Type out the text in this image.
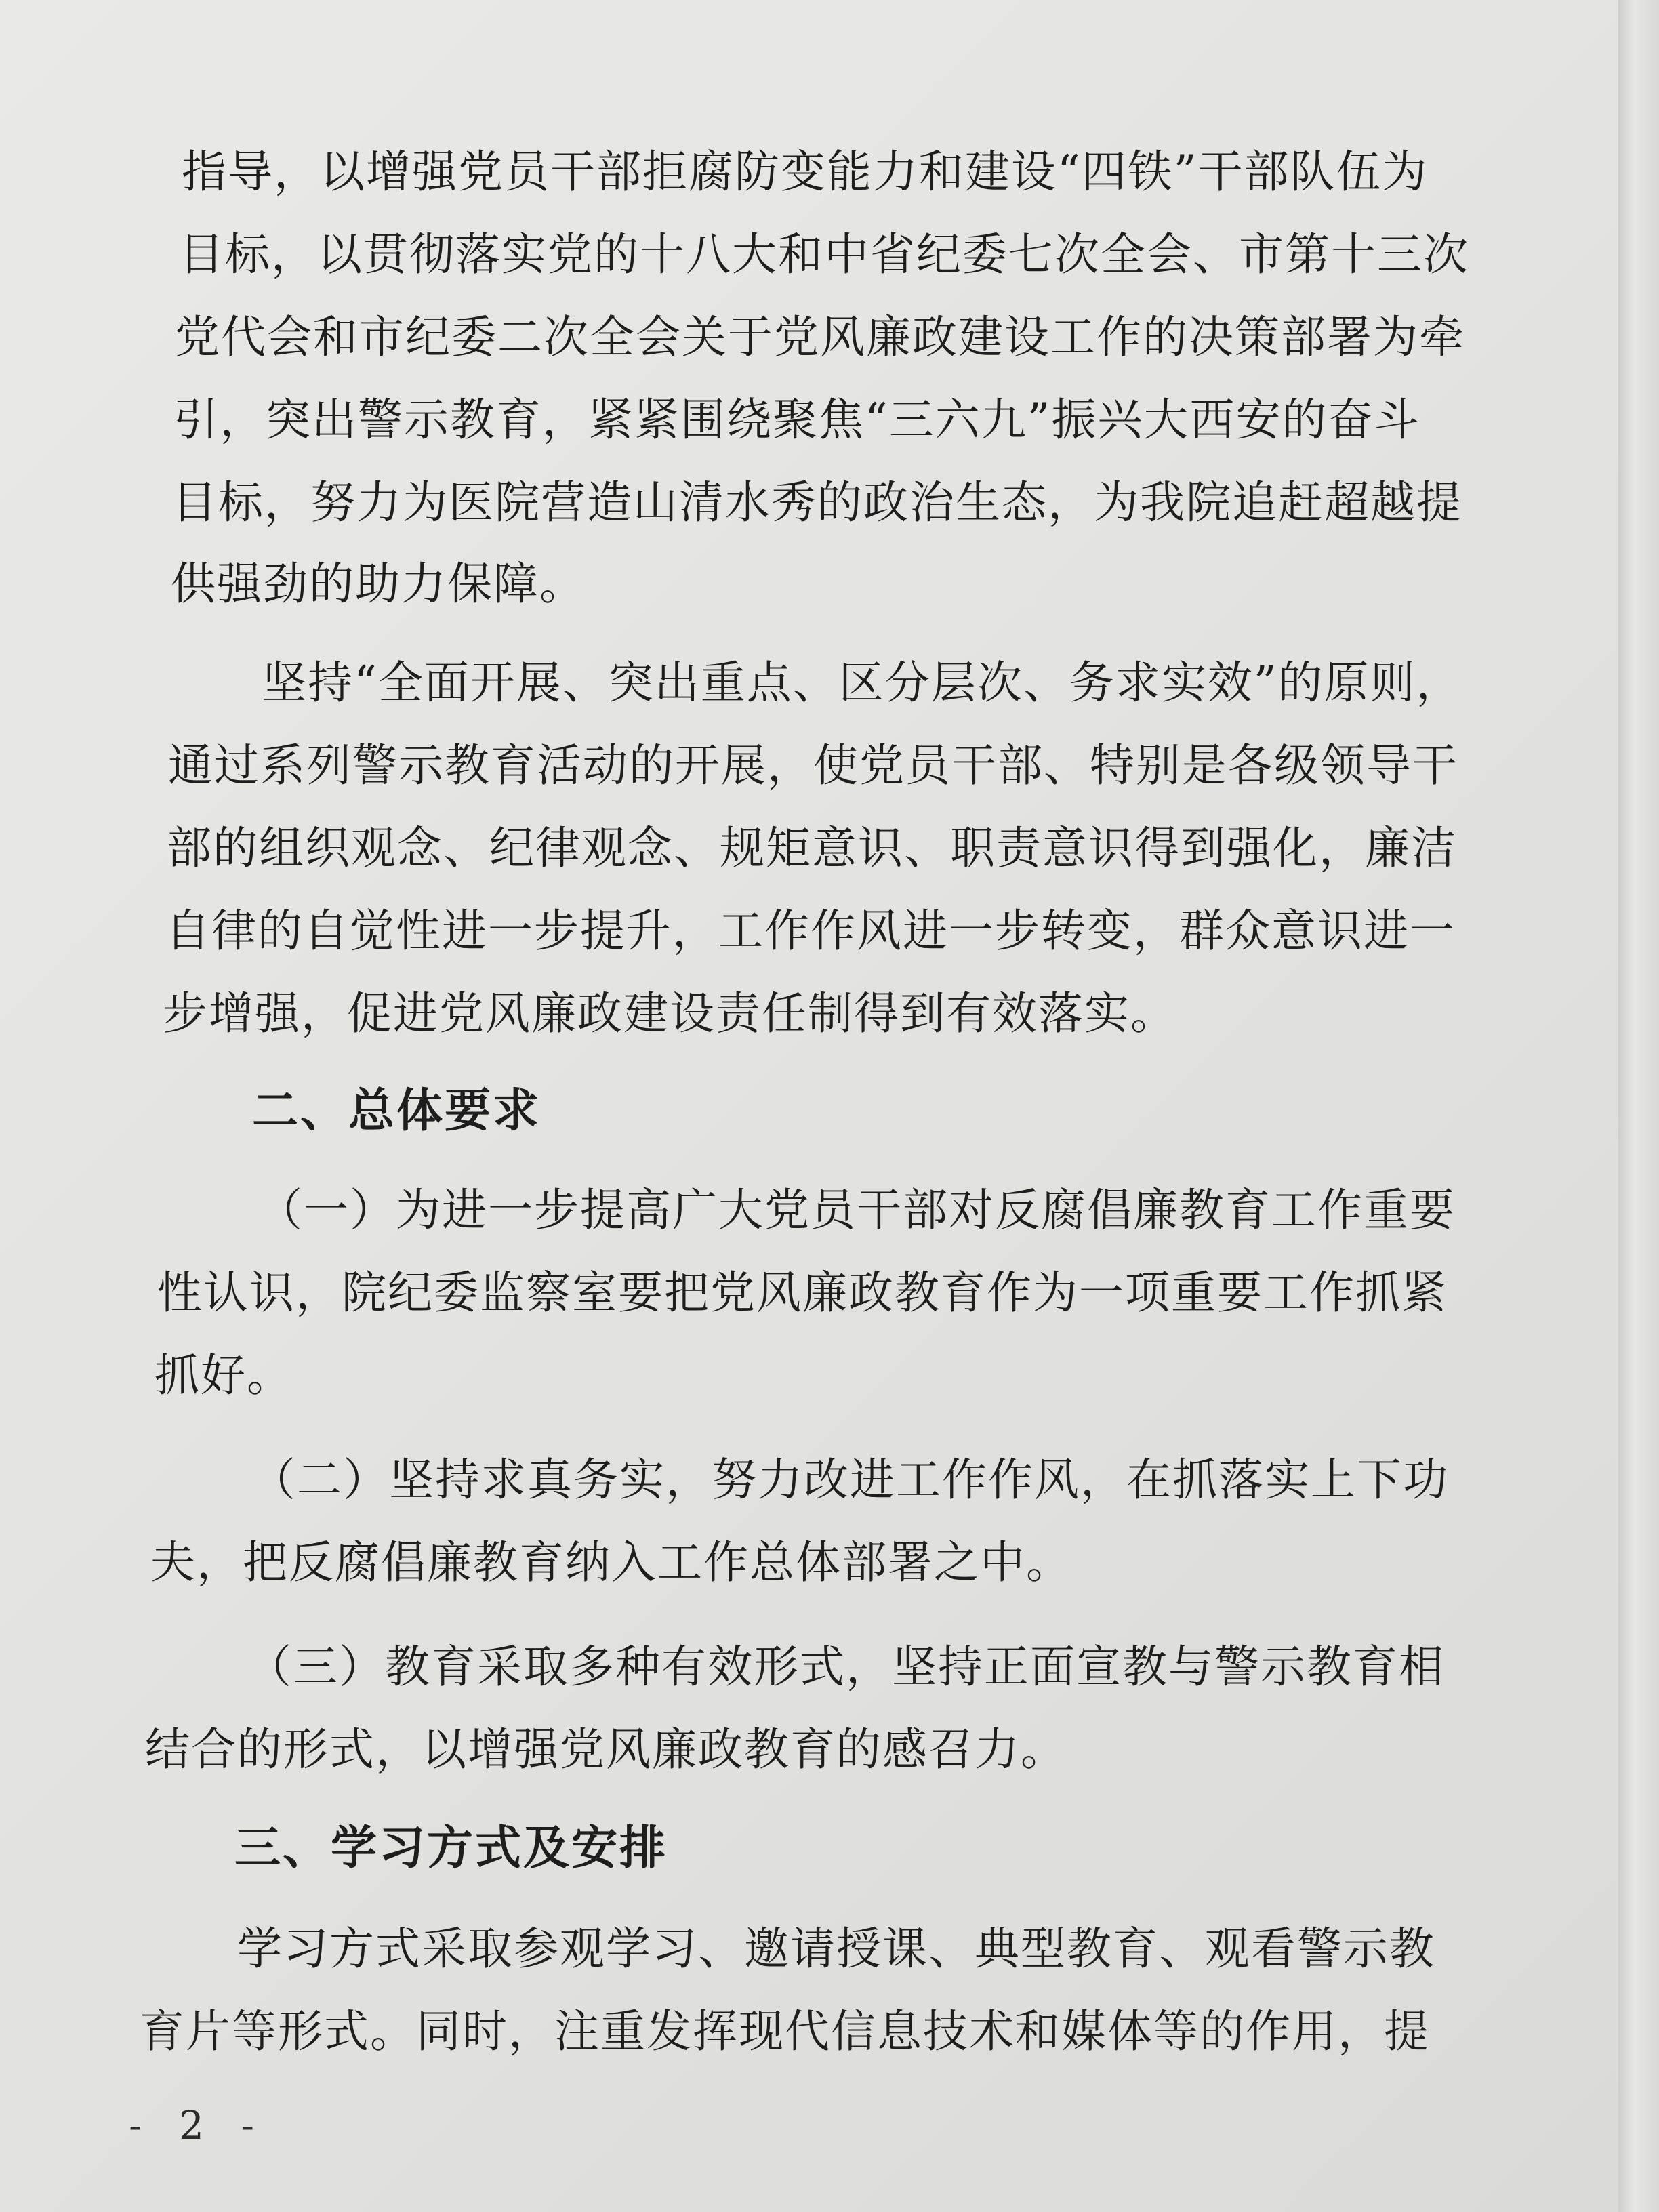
指导，以增强党员干部拒腐防变能力和建设“四铁”干部队伍为
目标，以贯彻落实党的十八大和中省纪委七次全会、市第十三次
党代会和市纪委二次全会关于党风廉政建设工作的决策部署为牵
引，突出警示教育，紧紧围绕聚焦“三六九”振兴大西安的奋斗
目标，努力为医院营造山清水秀的政治生态，为我院追赶超越提
供强劲的助力保障。
坚持“全面开展、突出重点、区分层次、务求实效”的原则，
通过系列警示教育活动的开展，使党员干部、特别是各级领导干
部的组织观念、纪律观念、规矩意识、职责意识得到强化，廉洁
自律的自觉性进一步提升，工作作风进一步转变，群众意识进一
步增强，促进党风廉政建设责任制得到有效落实。
二、总体要求
（一）为进一步提高广大党员干部对反腐倡廉教育工作重要
性认识，院纪委监察室要把党风廉政教育作为一项重要工作抓紧
抓好。
（二）坚持求真务实，努力改进工作作风，在抓落实上下功
夫，把反腐倡廉教育纳入工作总体部署之中。
（三）教育采取多种有效形式，坚持正面宣教与警示教育相
结合的形式，以增强党风廉政教育的感召力。
三、学习方式及安排
学习方式采取参观学习、邀请授课、典型教育、观看警示教
育片等形式。同时，注重发挥现代信息技术和媒体等的作用，提
- 2 -
